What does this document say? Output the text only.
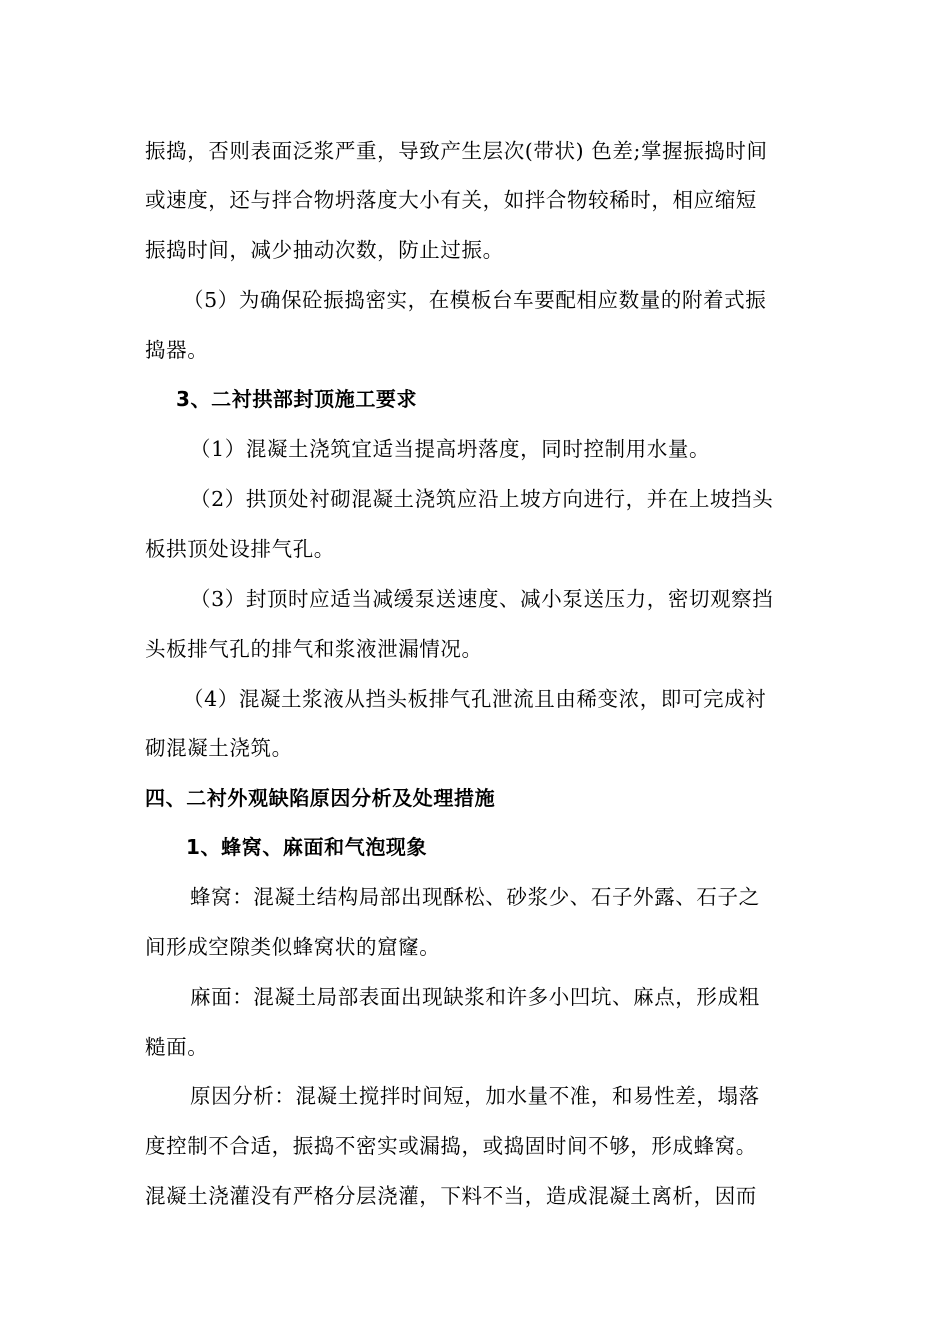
振捣，否则表面泛浆严重，导致产生层次(带状) 色差;掌握振捣时间
或速度，还与拌合物坍落度大小有关，如拌合物较稀时，相应缩短
振捣时间，减少抽动次数，防止过振。
（5）为确保砼振捣密实，在模板台车要配相应数量的附着式振
捣器。
3、二衬拱部封顶施工要求
（1）混凝土浇筑宜适当提高坍落度，同时控制用水量。
（2）拱顶处衬砌混凝土浇筑应沿上坡方向进行，并在上坡挡头
板拱顶处设排气孔。
（3）封顶时应适当减缓泵送速度、减小泵送压力，密切观察挡
头板排气孔的排气和浆液泄漏情况。
（4）混凝土浆液从挡头板排气孔泄流且由稀变浓，即可完成衬
砌混凝土浇筑。
四、二衬外观缺陷原因分析及处理措施
1、蜂窝、麻面和气泡现象
蜂窝：混凝土结构局部出现酥松、砂浆少、石子外露、石子之
间形成空隙类似蜂窝状的窟窿。
麻面：混凝土局部表面出现缺浆和许多小凹坑、麻点，形成粗
糙面。
原因分析：混凝土搅拌时间短，加水量不准，和易性差，塌落
度控制不合适，振捣不密实或漏捣，或捣固时间不够，形成蜂窝。
混凝土浇灌没有严格分层浇灌，下料不当，造成混凝土离析，因而
